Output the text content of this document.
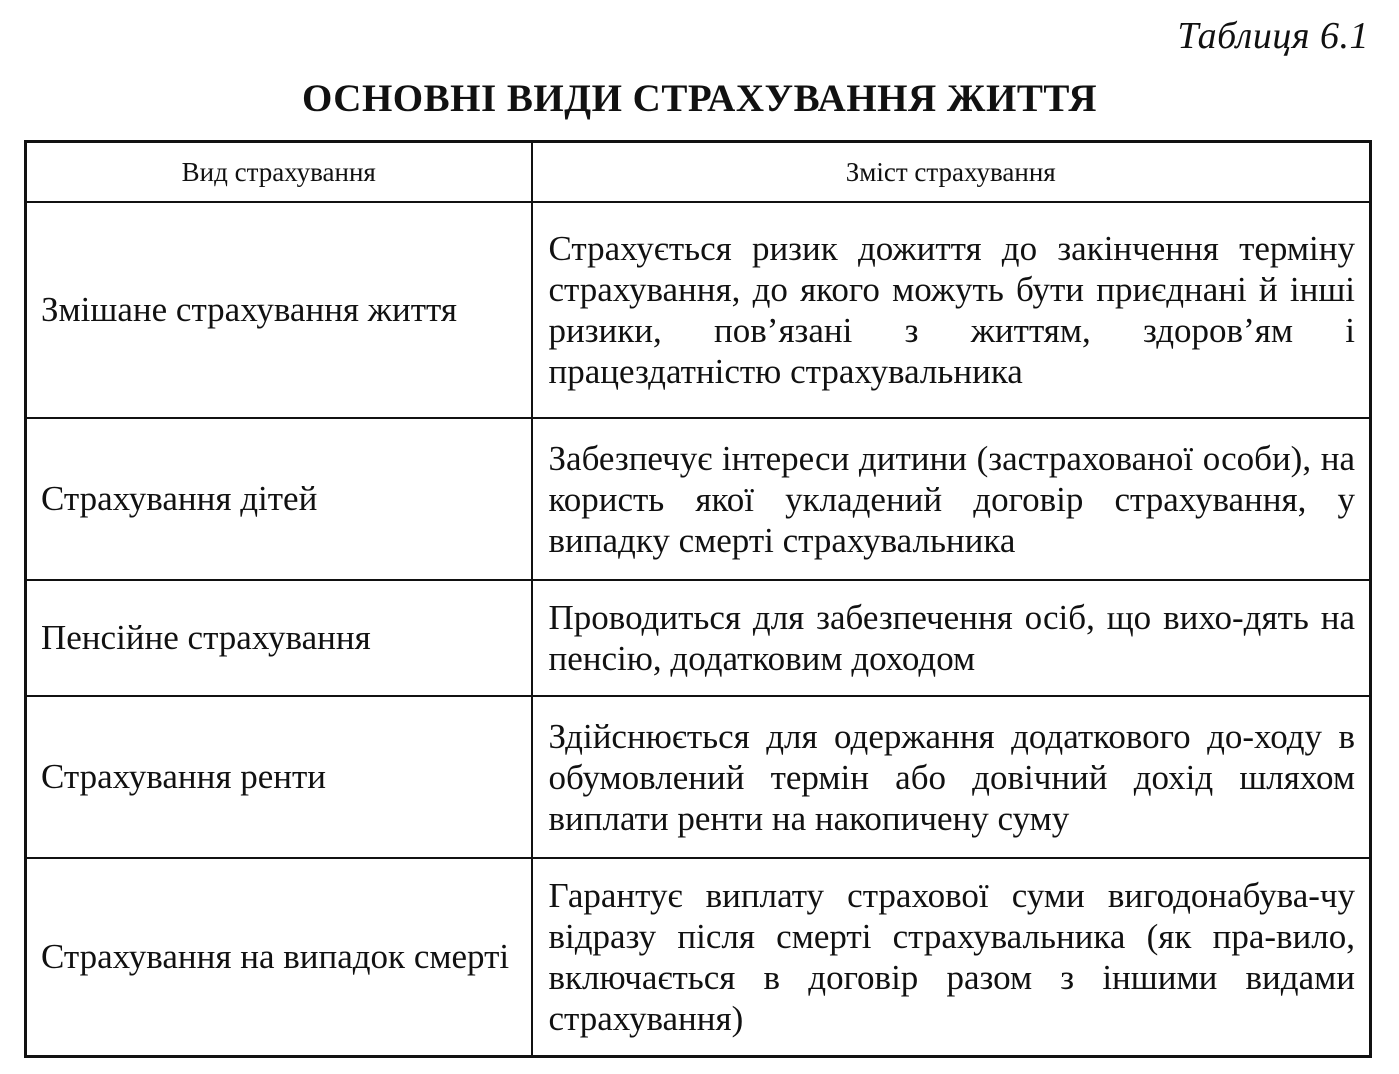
Таблиця 6.1
ОСНОВНІ ВИДИ СТРАХУВАННЯ ЖИТТЯ
Вид страхування	Зміст страхування
Змішане страхування життя	Страхується ризик дожиття до закінчення терміну страхування, до якого можуть бути приєднані й інші ризики, пов’язані з життям, здоров’ям і працездатністю страхувальника
Страхування дітей	Забезпечує інтереси дитини (застрахованої особи), на користь якої укладений договір страхування, у випадку смерті страхувальника
Пенсійне страхування	Проводиться для забезпечення осіб, що вихо-дять на пенсію, додатковим доходом
Страхування ренти	Здійснюється для одержання додаткового до-ходу в обумовлений термін або довічний дохід шляхом виплати ренти на накопичену суму
Страхування на випадок смерті	Гарантує виплату страхової суми вигодонабува-чу відразу після смерті страхувальника (як пра-вило, включається в договір разом з іншими видами страхування)
